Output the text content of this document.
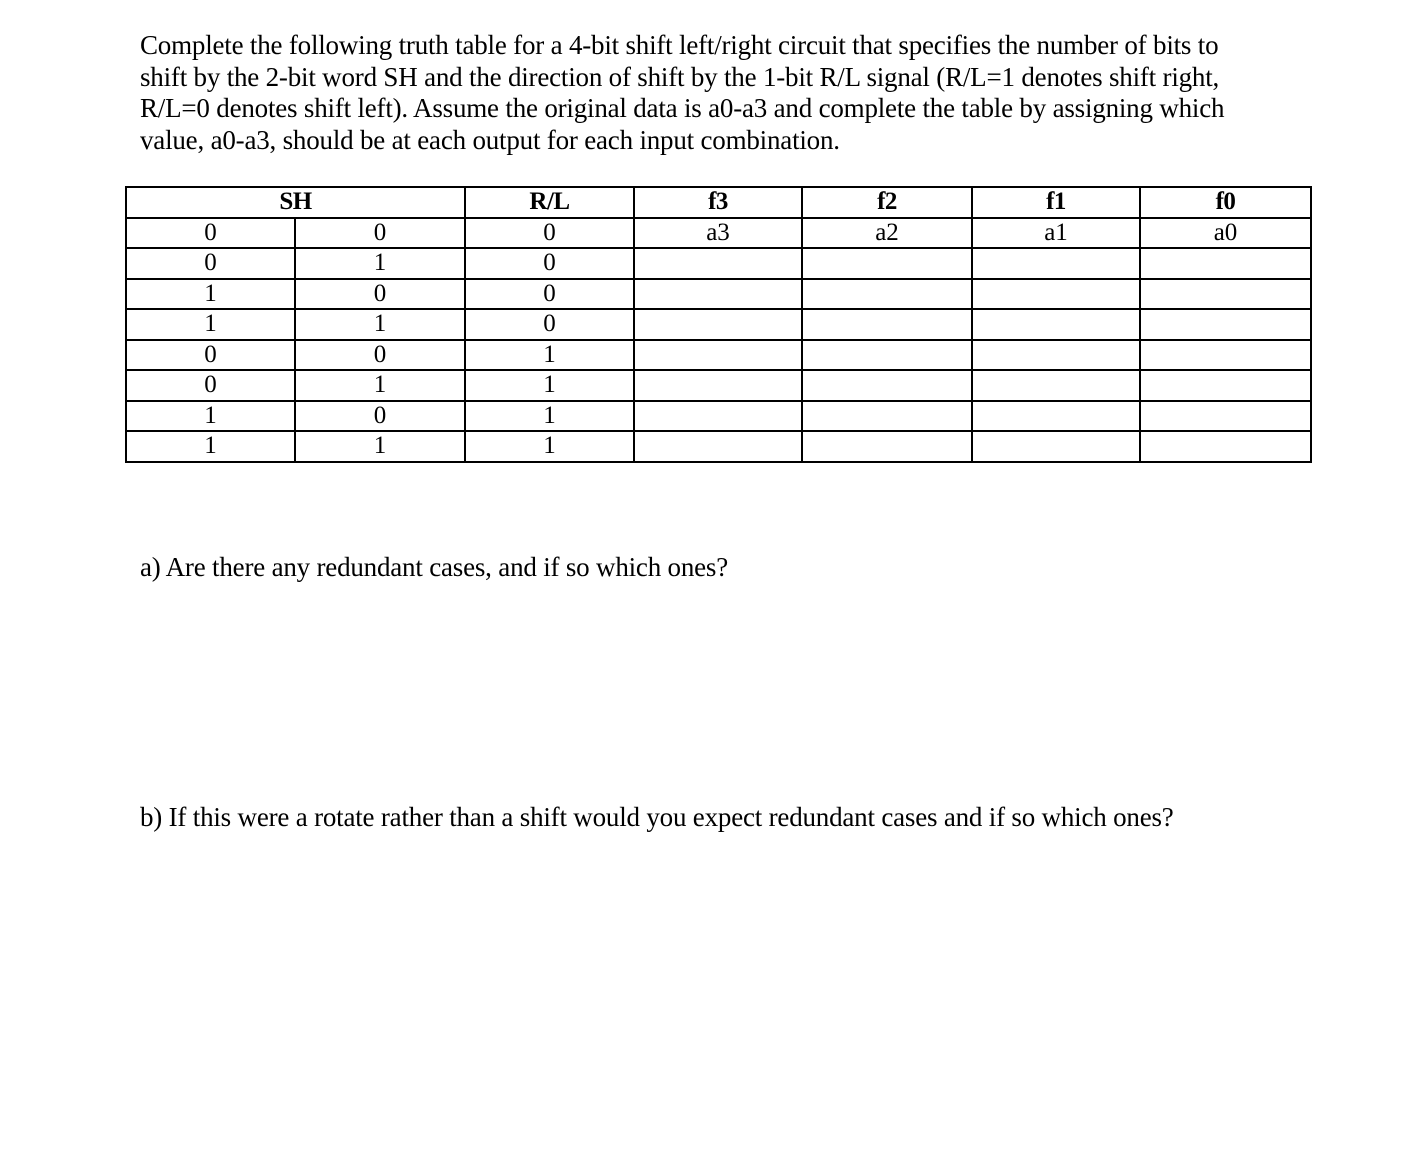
Complete the following truth table for a 4-bit shift left/right circuit that specifies the number of bits to
shift by the 2-bit word SH and the direction of shift by the 1-bit R/L signal (R/L=1 denotes shift right,
R/L=0 denotes shift left). Assume the original data is a0-a3 and complete the table by assigning which
value, a0-a3, should be at each output for each input combination.
SH		R/L	f3	f2	f1	f0
0	0	0	a3	a2	a1	a0
0	1	0				
1	0	0				
1	1	0				
0	0	1				
0	1	1				
1	0	1				
1	1	1				

a) Are there any redundant cases, and if so which ones?

b) If this were a rotate rather than a shift would you expect redundant cases and if so which ones?
